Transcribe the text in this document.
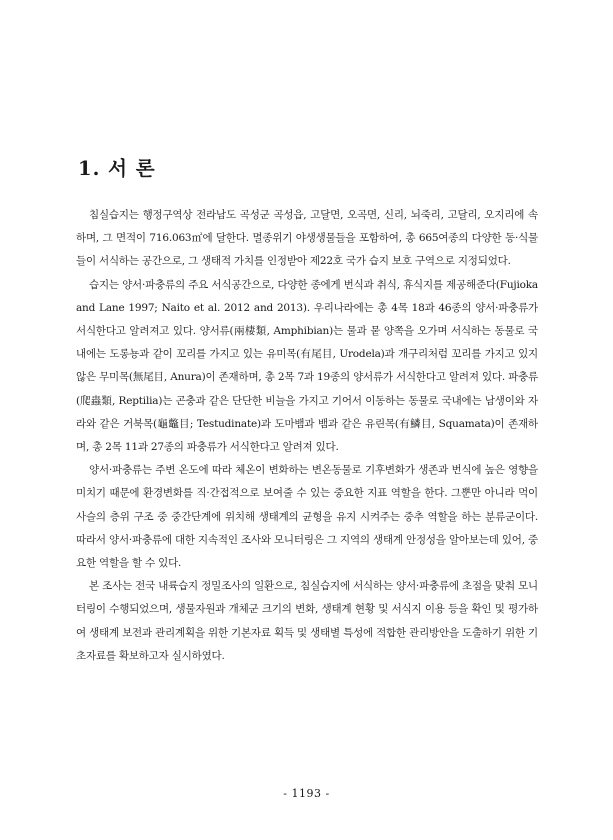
1. 서 론

침실습지는 행정구역상 전라남도 곡성군 곡성읍, 고달면, 오곡면, 신리, 뇌죽리, 고달리, 오지리에 속하며, 그 면적이 716.063㎡에 달한다. 멸종위기 야생생물들을 포함하여, 총 665여종의 다양한 동·식물들이 서식하는 공간으로, 그 생태적 가치를 인정받아 제22호 국가 습지 보호 구역으로 지정되었다.

습지는 양서·파충류의 주요 서식공간으로, 다양한 종에게 번식과 취식, 휴식지를 제공해준다(Fujioka and Lane 1997; Naito et al. 2012 and 2013). 우리나라에는 총 4목 18과 46종의 양서·파충류가 서식한다고 알려져고 있다. 양서류(兩棲類, Amphibian)는 물과 뭍 양쪽을 오가며 서식하는 동물로 국내에는 도롱뇽과 같이 꼬리를 가지고 있는 유미목(有尾目, Urodela)과 개구리처럼 꼬리를 가지고 있지 않은 무미목(無尾目, Anura)이 존재하며, 총 2목 7과 19종의 양서류가 서식한다고 알려져 있다. 파충류(爬蟲類, Reptilia)는 곤충과 같은 단단한 비늘을 가지고 기어서 이동하는 동물로 국내에는 남생이와 자라와 같은 거북목(龜鼈目; Testudinate)과 도마뱀과 뱀과 같은 유린목(有鱗目, Squamata)이 존재하며, 총 2목 11과 27종의 파충류가 서식한다고 알려져 있다.

양서·파충류는 주변 온도에 따라 체온이 변화하는 변온동물로 기후변화가 생존과 번식에 높은 영향을 미치기 때문에 환경변화를 직·간접적으로 보여줄 수 있는 중요한 지표 역할을 한다. 그뿐만 아니라 먹이사슬의 층위 구조 중 중간단계에 위치해 생태계의 균형을 유지 시켜주는 중추 역할을 하는 분류군이다. 따라서 양서·파충류에 대한 지속적인 조사와 모니터링은 그 지역의 생태계 안정성을 알아보는데 있어, 중요한 역할을 할 수 있다.

본 조사는 전국 내륙습지 정밀조사의 일환으로, 침실습지에 서식하는 양서·파충류에 초점을 맞춰 모니터링이 수행되었으며, 생물자원과 개체군 크기의 변화, 생태계 현황 및 서식지 이용 등을 확인 및 평가하여 생태계 보전과 관리계획을 위한 기본자료 획득 및 생태별 특성에 적합한 관리방안을 도출하기 위한 기초자료를 확보하고자 실시하였다.

- 1193 -
